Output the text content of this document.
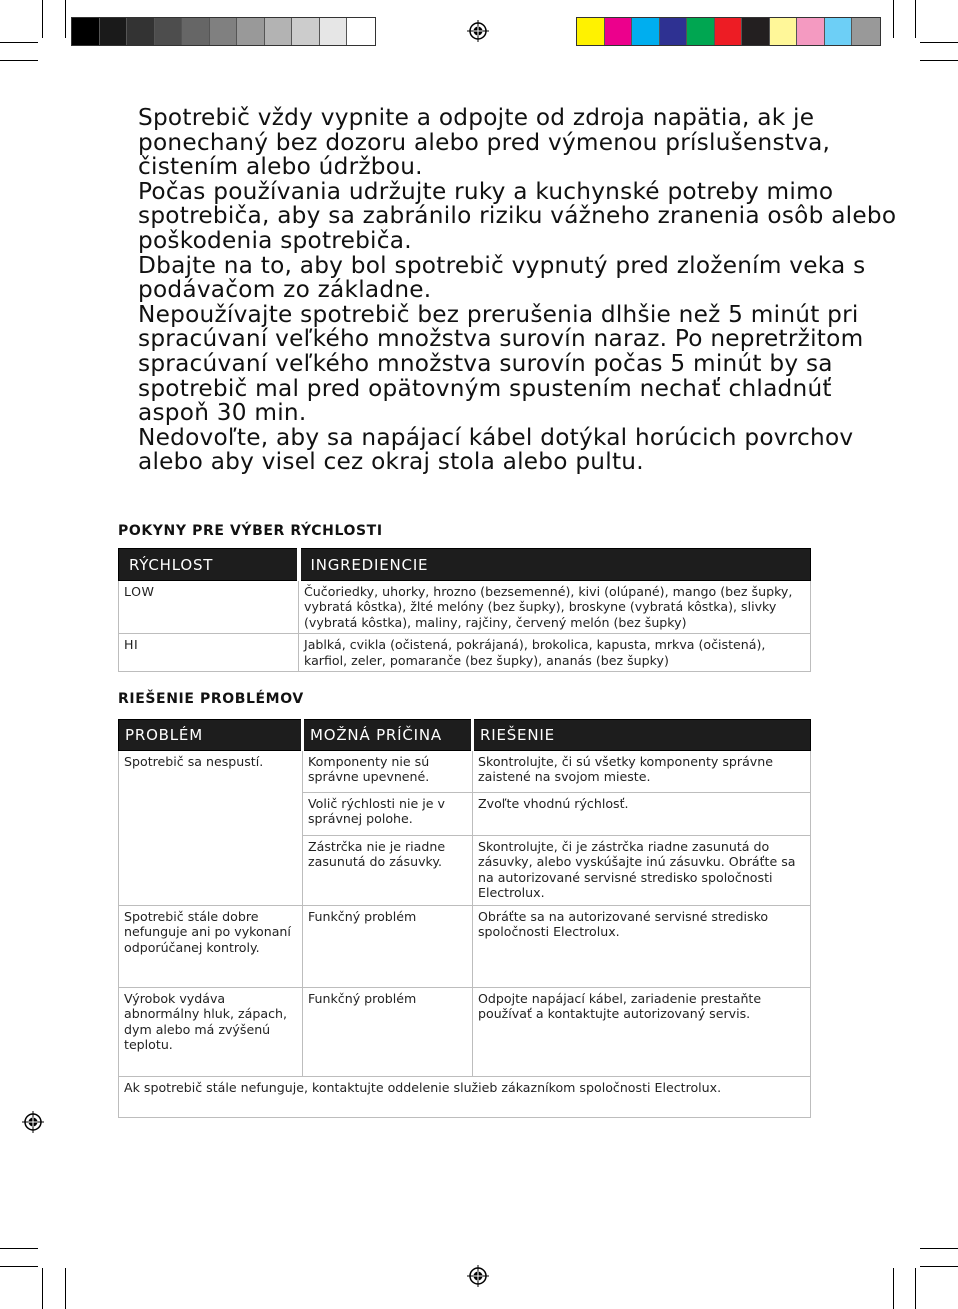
Spotrebič vždy vypnite a odpojte od zdroja napätia, ak je ponechaný bez dozoru alebo pred výmenou príslušenstva, čistením alebo údržbou.

Počas používania udržujte ruky a kuchynské potreby mimo spotrebiča, aby sa zabránilo riziku vážneho zranenia osôb alebo poškodenia spotrebiča.

Dbajte na to, aby bol spotrebič vypnutý pred zložením veka s podávačom zo základne.

Nepoužívajte spotrebič bez prerušenia dlhšie než 5 minút pri spracúvaní veľkého množstva surovín naraz. Po nepretržitom spracúvaní veľkého množstva surovín počas 5 minút by sa spotrebič mal pred opätovným spustením nechať chladnúť aspoň 30 min.

Nedovoľte, aby sa napájací kábel dotýkal horúcich povrchov alebo aby visel cez okraj stola alebo pultu.

POKYNY PRE VÝBER RÝCHLOSTI
RÝCHLOST	INGREDIENCIE
LOW	Čučoriedky, uhorky, hrozno (bezsemenné), kivi (olúpané), mango (bez šupky, vybratá kôstka), žlté melóny (bez šupky), broskyne (vybratá kôstka), slivky (vybratá kôstka), maliny, rajčiny, červený melón (bez šupky)
HI	Jablká, cvikla (očistená, pokrájaná), brokolica, kapusta, mrkva (očistená), karfiol, zeler, pomaranče (bez šupky), ananás (bez šupky)
RIEŠENIE PROBLÉMOV
PROBLÉM	MOŽNÁ PRÍČINA	RIEŠENIE
Spotrebič sa nespustí.	Komponenty nie sú správne upevnené.	Skontrolujte, či sú všetky komponenty správne zaistené na svojom mieste.
	Volič rýchlosti nie je v správnej polohe.	Zvoľte vhodnú rýchlosť.
	Zástrčka nie je riadne zasunutá do zásuvky.	Skontrolujte, či je zástrčka riadne zasunutá do zásuvky, alebo vyskúšajte inú zásuvku. Obráťte sa na autorizované servisné stredisko spoločnosti Electrolux.
Spotrebič stále dobre nefunguje ani po vykonaní odporúčanej kontroly.	Funkčný problém	Obráťte sa na autorizované servisné stredisko spoločnosti Electrolux.
Výrobok vydáva abnormálny hluk, zápach, dym alebo má zvýšenú teplotu.	Funkčný problém	Odpojte napájací kábel, zariadenie prestaňte používať a kontaktujte autorizovaný servis.
Ak spotrebič stále nefunguje, kontaktujte oddelenie služieb zákazníkom spoločnosti Electrolux.		
